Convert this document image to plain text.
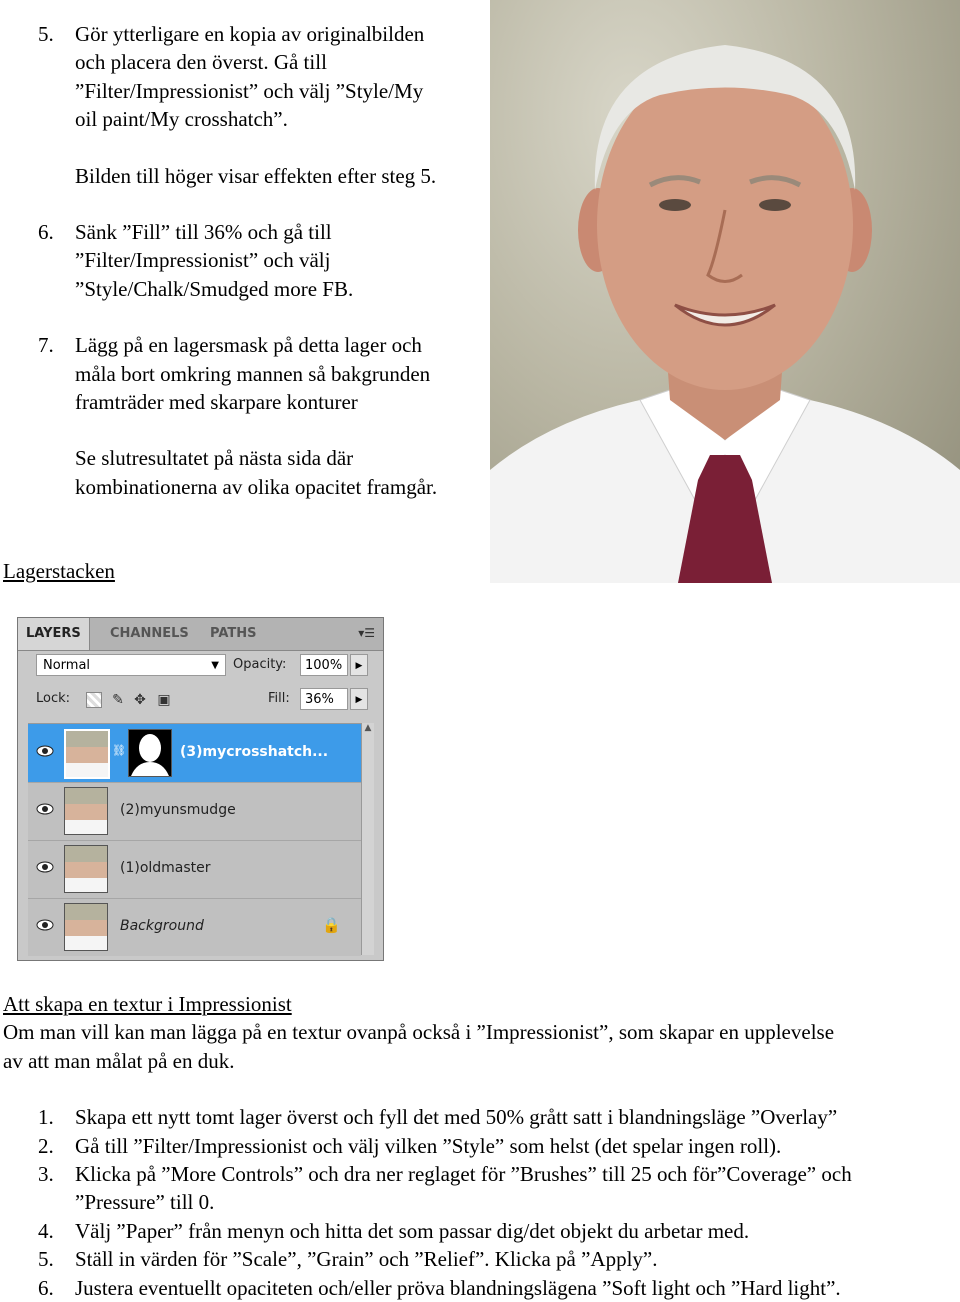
5.	Gör ytterligare en kopia av originalbilden
och placera den överst. Gå till
”Filter/Impressionist” och välj ”Style/My
oil paint/My crosshatch”.
Bilden till höger visar effekten efter steg 5.
6.	Sänk ”Fill” till 36% och gå till
”Filter/Impressionist” och välj
”Style/Chalk/Smudged more FB.
7.	Lägg på en lagersmask på detta lager och
måla bort omkring mannen så bakgrunden
framträder med skarpare konturer
Se slutresultatet på nästa sida där
kombinationerna av olika opacitet framgår.
Lagerstacken
LAYERS	CHANNELS	PATHS	▾☰
Normal	▼ Opacity:	100%	▶
Lock:	✎ ✥ ▣	Fill:	36%	▶
⛓	(3)mycrosshatch...
(2)myunsmudge
(1)oldmaster
Background	🔒
▲
Att skapa en textur i Impressionist
Om man vill kan man lägga på en textur ovanpå också i ”Impressionist”, som skapar en upplevelse
av att man målat på en duk.
1.	Skapa ett nytt tomt lager överst och fyll det med 50% grått satt i blandningsläge ”Overlay”
2.	Gå till ”Filter/Impressionist och välj vilken ”Style” som helst (det spelar ingen roll).
3.	Klicka på ”More Controls” och dra ner reglaget för ”Brushes” till 25 och för”Coverage” och
”Pressure” till 0.
4.	Välj ”Paper” från menyn och hitta det som passar dig/det objekt du arbetar med.
5.	Ställ in värden för ”Scale”, ”Grain” och ”Relief”. Klicka på ”Apply”.
6.	Justera eventuellt opaciteten och/eller pröva blandningslägena ”Soft light och ”Hard light”.
